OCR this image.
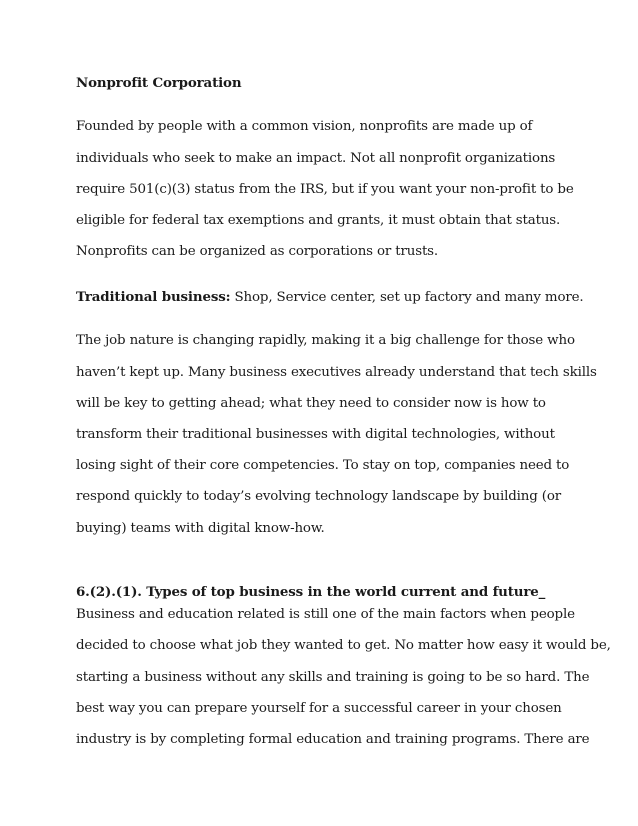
Nonprofit Corporation
Founded by people with a common vision, nonprofits are made up of
individuals who seek to make an impact. Not all nonprofit organizations
require 501(c)(3) status from the IRS, but if you want your non-profit to be
eligible for federal tax exemptions and grants, it must obtain that status.
Nonprofits can be organized as corporations or trusts.
Traditional business: Shop, Service center, set up factory and many more.
The job nature is changing rapidly, making it a big challenge for those who
haven’t kept up. Many business executives already understand that tech skills
will be key to getting ahead; what they need to consider now is how to
transform their traditional businesses with digital technologies, without
losing sight of their core competencies. To stay on top, companies need to
respond quickly to today’s evolving technology landscape by building (or
buying) teams with digital know-how.
6.(2).(1). Types of top business in the world current and future_
Business and education related is still one of the main factors when people
decided to choose what job they wanted to get. No matter how easy it would be,
starting a business without any skills and training is going to be so hard. The
best way you can prepare yourself for a successful career in your chosen
industry is by completing formal education and training programs. There are
